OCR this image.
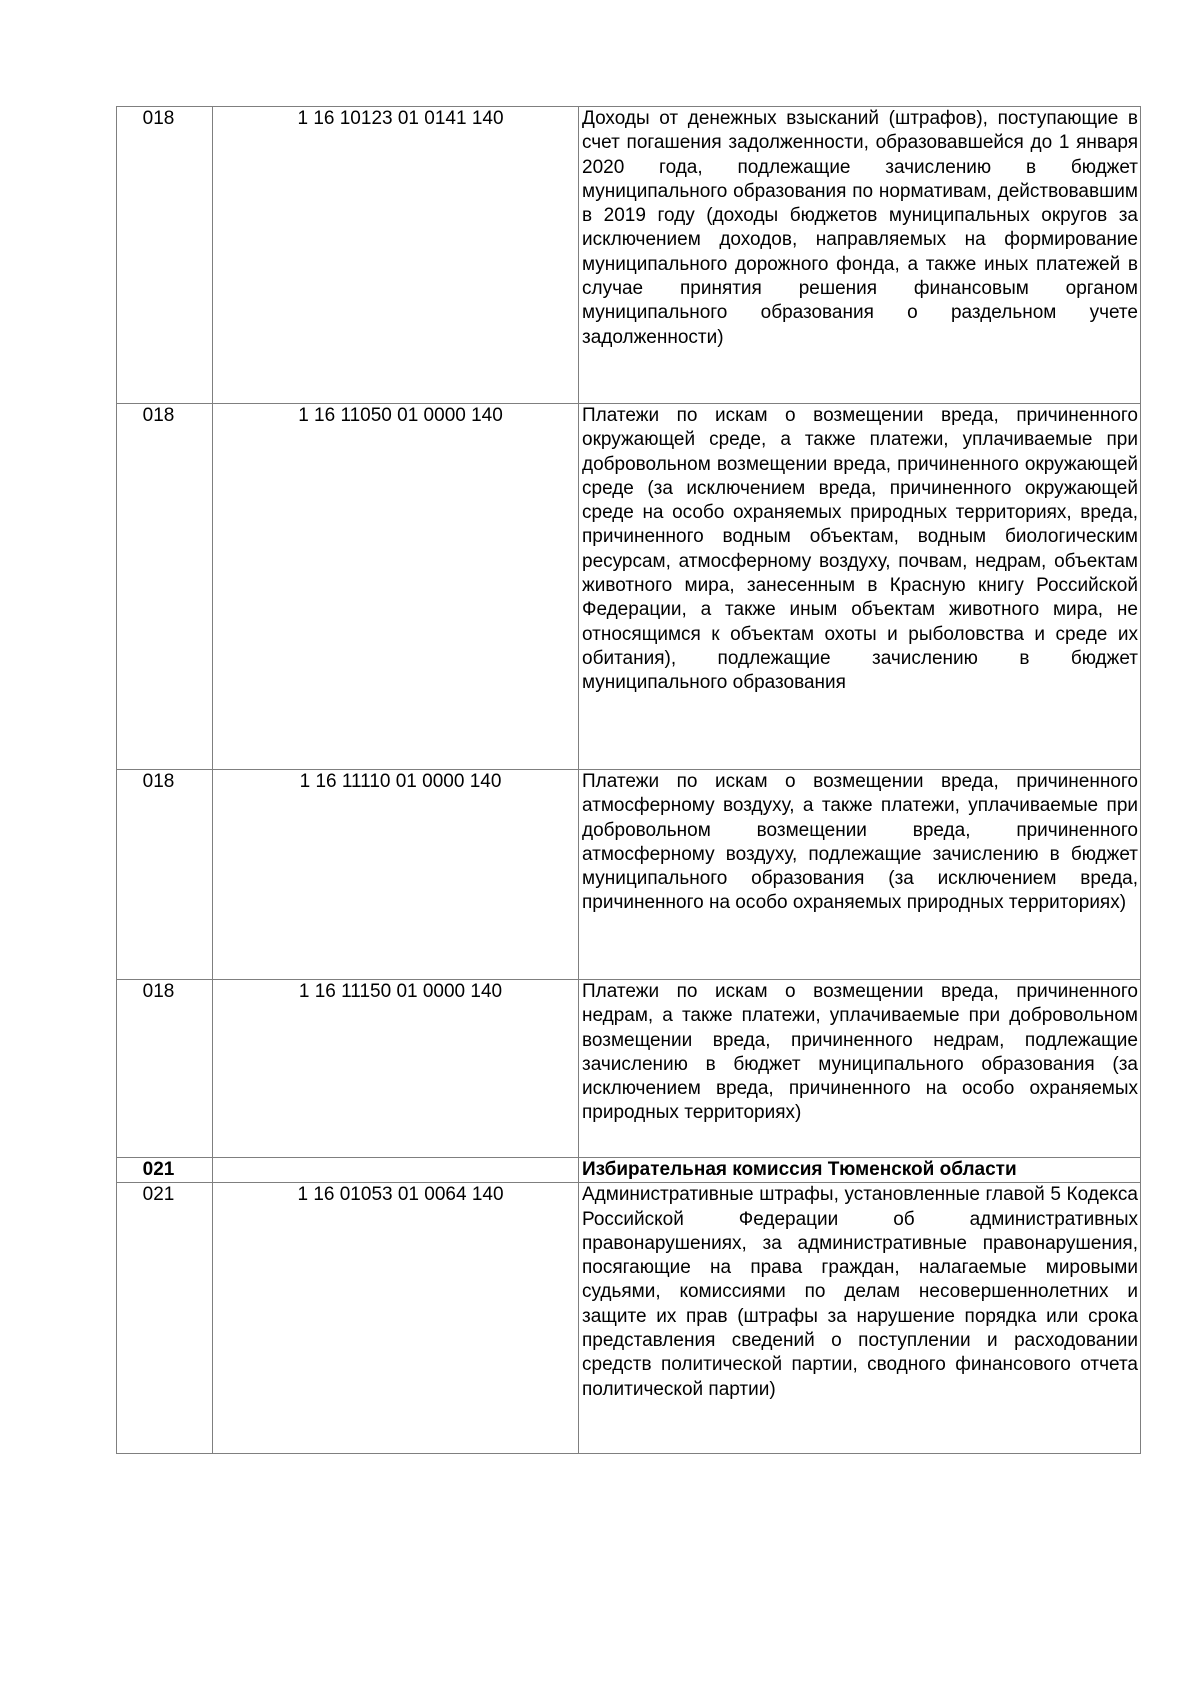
018	1 16 10123 01 0141 140	Доходы от денежных взысканий (штрафов), поступающие в счет погашения задолженности, образовавшейся до 1 января 2020 года, подлежащие зачислению в бюджет муниципального образования по нормативам, действовавшим в 2019 году (доходы бюджетов муниципальных округов за исключением доходов, направляемых на формирование муниципального дорожного фонда, а также иных платежей в случае принятия решения финансовым органом муниципального образования о раздельном учете задолженности)
018	1 16 11050 01 0000 140	Платежи по искам о возмещении вреда, причиненного окружающей среде, а также платежи, уплачиваемые при добровольном возмещении вреда, причиненного окружающей среде (за исключением вреда, причиненного окружающей среде на особо охраняемых природных территориях, вреда, причиненного водным объектам, водным биологическим ресурсам, атмосферному воздуху, почвам, недрам, объектам животного мира, занесенным в Красную книгу Российской Федерации, а также иным объектам животного мира, не относящимся к объектам охоты и рыболовства и среде их обитания), подлежащие зачислению в бюджет муниципального образования
018	1 16 11110 01 0000 140	Платежи по искам о возмещении вреда, причиненного атмосферному воздуху, а также платежи, уплачиваемые при добровольном возмещении вреда, причиненного атмосферному воздуху, подлежащие зачислению в бюджет муниципального образования (за исключением вреда, причиненного на особо охраняемых природных территориях)
018	1 16 11150 01 0000 140	Платежи по искам о возмещении вреда, причиненного недрам, а также платежи, уплачиваемые при добровольном возмещении вреда, причиненного недрам, подлежащие зачислению в бюджет муниципального образования (за исключением вреда, причиненного на особо охраняемых природных территориях)
021		Избирательная комиссия Тюменской области
021	1 16 01053 01 0064 140	Административные штрафы, установленные главой 5 Кодекса Российской Федерации об административных правонарушениях, за административные правонарушения, посягающие на права граждан, налагаемые мировыми судьями, комиссиями по делам несовершеннолетних и защите их прав (штрафы за нарушение порядка или срока представления сведений о поступлении и расходовании средств политической партии, сводного финансового отчета политической партии)
